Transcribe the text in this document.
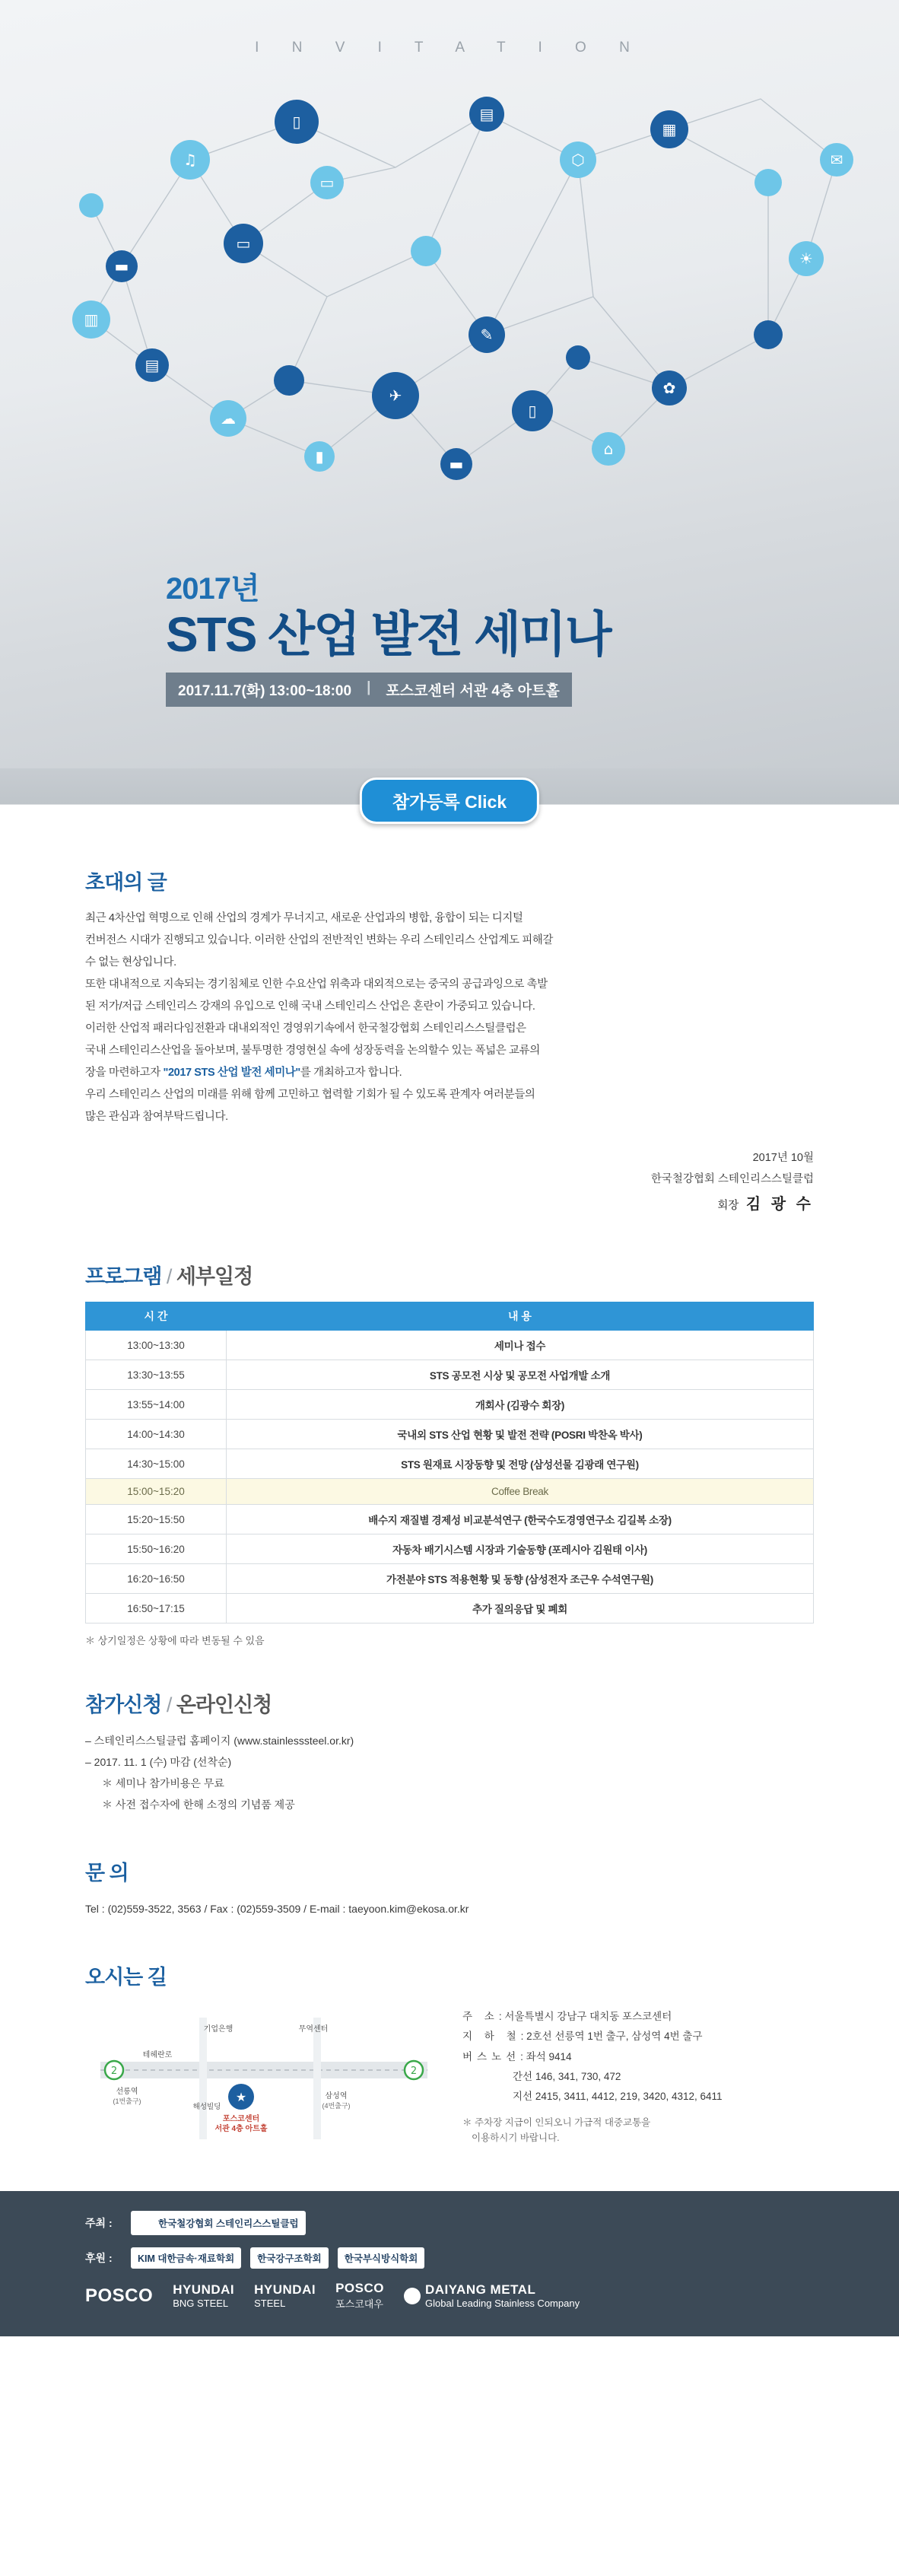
I N V I T A T I O N
▯
♫
▤
▦
✉
▭
✈
▯
✎
✿
▬
▤
☀
▥
☁
⌂
▭
⬡
▬
▮
2017년
STS 산업 발전 세미나
2017.11.7(화) 13:00~18:00	|	포스코센터 서관 4층 아트홀
참가등록 Click
초대의 글
최근 4차산업 혁명으로 인해 산업의 경계가 무너지고, 새로운 산업과의 병합, 융합이 되는 디지털
컨버전스 시대가 진행되고 있습니다. 이러한 산업의 전반적인 변화는 우리 스테인리스 산업계도 피해갈
수 없는 현상입니다.
또한 대내적으로 지속되는 경기침체로 인한 수요산업 위축과 대외적으로는 중국의 공급과잉으로 촉발
된 저가/저급 스테인리스 강재의 유입으로 인해 국내 스테인리스 산업은 혼란이 가중되고 있습니다.
이러한 산업적 패러다임전환과 대내외적인 경영위기속에서 한국철강협회 스테인리스스틸클럽은
국내 스테인리스산업을 돌아보며, 불투명한 경영현실 속에 성장동력을 논의할수 있는 폭넓은 교류의
장을 마련하고자 "2017 STS 산업 발전 세미나"를 개최하고자 합니다.
우리 스테인리스 산업의 미래를 위해 함께 고민하고 협력할 기회가 될 수 있도록 관계자 여러분들의
많은 관심과 참여부탁드립니다.
2017년 10월
한국철강협회 스테인리스스틸클럽
회장 김 광 수
프로그램 / 세부일정
시 간	내 용
13:00~13:30	세미나 접수
13:30~13:55	STS 공모전 시상 및 공모전 사업개발 소개
13:55~14:00	개회사 (김광수 회장)
14:00~14:30	국내외 STS 산업 현황 및 발전 전략 (POSRI 박찬옥 박사)
14:30~15:00	STS 원재료 시장동향 및 전망 (삼성선물 김광래 연구원)
15:00~15:20	Coffee Break
15:20~15:50	배수지 재질별 경제성 비교분석연구 (한국수도경영연구소 김길복 소장)
15:50~16:20	자동차 배기시스템 시장과 기술동향 (포레시아 김원태 이사)
16:20~16:50	가전분야 STS 적용현황 및 동향 (삼성전자 조근우 수석연구원)
16:50~17:15	추가 질의응답 및 폐회
＊ 상기일정은 상황에 따라 변동될 수 있음
참가신청 / 온라인신청
– 스테인리스스틸클럽 홈페이지 (www.stainlesssteel.or.kr)
– 2017. 11. 1 (수) 마감 (선착순)
＊ 세미나 참가비용은 무료
＊ 사전 접수자에 한해 소정의 기념품 제공
문 의
Tel : (02)559-3522, 3563 / Fax : (02)559-3509 / E-mail : taeyoon.kim@ekosa.or.kr
오시는 길
2	2
★
테헤란로
기업은행	무역센터
선릉역
(1번출구)
해성빌딩
삼성역
(4번출구)
포스코센터
서관 4층 아트홀
주 소: 서울특별시 강남구 대치동 포스코센터
지 하 철: 2호선 선릉역 1번 출구, 삼성역 4번 출구
버스노선: 좌석 9414
간선 146, 341, 730, 472
지선 2415, 3411, 4412, 219, 3420, 4312, 6411
＊ 주차장 지급이 인되오니 가급적 대중교통을
이용하시기 바랍니다.
주최 :	한국철강협회 스테인리스스틸클럽
후원 :	KIM 대한금속·재료학회	한국강구조학회	한국부식방식학회
POSCO HYUNDAI
BNG STEEL
HYUNDAI
STEEL
POSCO
포스코대우
DAIYANG METAL
Global Leading Stainless Company
